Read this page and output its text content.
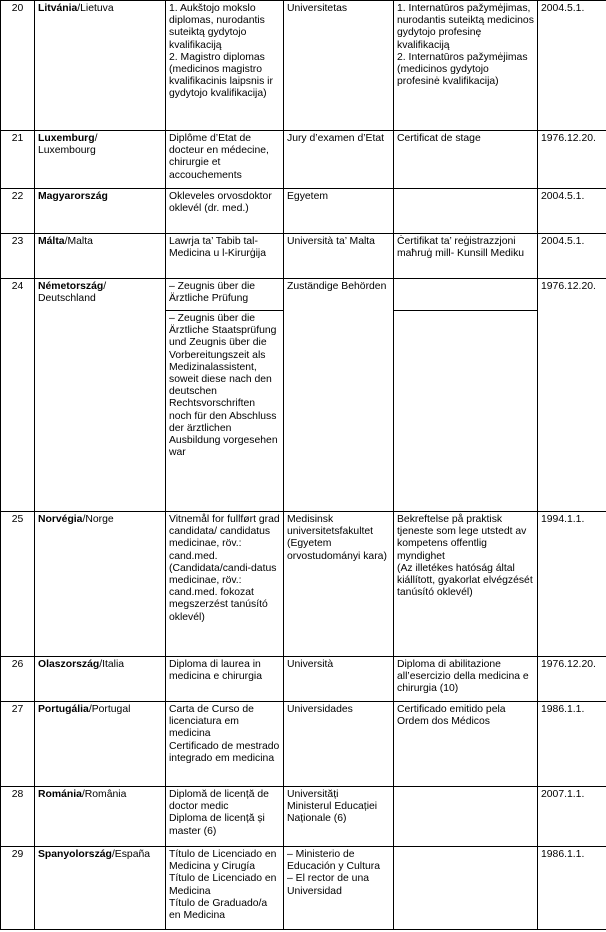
20	Litvánia/Lietuva	1. Aukštojo mokslo diplomas, nurodantis suteiktą gydytojo kvalifikaciją
2. Magistro diplomas (medicinos magistro kvalifikacinis laipsnis ir gydytojo kvalifikacija)	Universitetas	1. Internatūros pažymėjimas, nurodantis suteiktą medicinos gydytojo profesinę kvalifikaciją
2. Internatūros pažymėjimas (medicinos gydytojo profesinė kvalifikacija)	2004.5.1.
21	Luxemburg/
Luxembourg	Diplôme d’Etat de docteur en médecine, chirurgie et accouchements	Jury d’examen d’Etat	Certificat de stage	1976.12.20.
22	Magyarország	Okleveles orvosdoktor oklevél (dr. med.)	Egyetem		2004.5.1.
23	Málta/Malta	Lawrja ta’ Tabib tal-Medicina u l-Kirurġija	Università ta’ Malta	Ċertifikat ta’ reġistrazzjoni maħruġ mill- Kunsill Mediku	2004.5.1.
24	Németország/
Deutschland	– Zeugnis über die Ärztliche Prüfung	Zuständige Behörden		1976.12.20.
		– Zeugnis über die Ärztliche Staatsprüfung und Zeugnis über die Vorbereitungszeit als Medizinalassistent, soweit diese nach den deutschen Rechtsvorschriften noch für den Abschluss der ärztlichen Ausbildung vorgesehen war			
25	Norvégia/Norge	Vitnemål for fullført grad candidata/ candidatus medicinae, röv.: cand.med. (Candidata/candi-datus medicinae, röv.: cand.med. fokozat megszerzést tanúsító oklevél)	Medisinsk universitetsfakultet (Egyetem orvostudományi kara)	Bekreftelse på praktisk tjeneste som lege utstedt av kompetens offentlig myndighet
(Az illetékes hatóság által kiállított, gyakorlat elvégzését tanúsító oklevél)	1994.1.1.
26	Olaszország/Italia	Diploma di laurea in medicina e chirurgia	Università	Diploma di abilitazione all’esercizio della medicina e chirurgia (10)	1976.12.20.
27	Portugália/Portugal	Carta de Curso de licenciatura em medicina
Certificado de mestrado integrado em medicina	Universidades	Certificado emitido pela Ordem dos Médicos	1986.1.1.
28	Románia/România	Diplomă de licență de doctor medic
Diploma de licență și master (6)	Universități
Ministerul Educației Naționale (6)		2007.1.1.
29	Spanyolország/España	Título de Licenciado en Medicina y Cirugía
Título de Licenciado en Medicina
Título de Graduado/a en Medicina	– Ministerio de Educación y Cultura
– El rector de una Universidad		1986.1.1.
